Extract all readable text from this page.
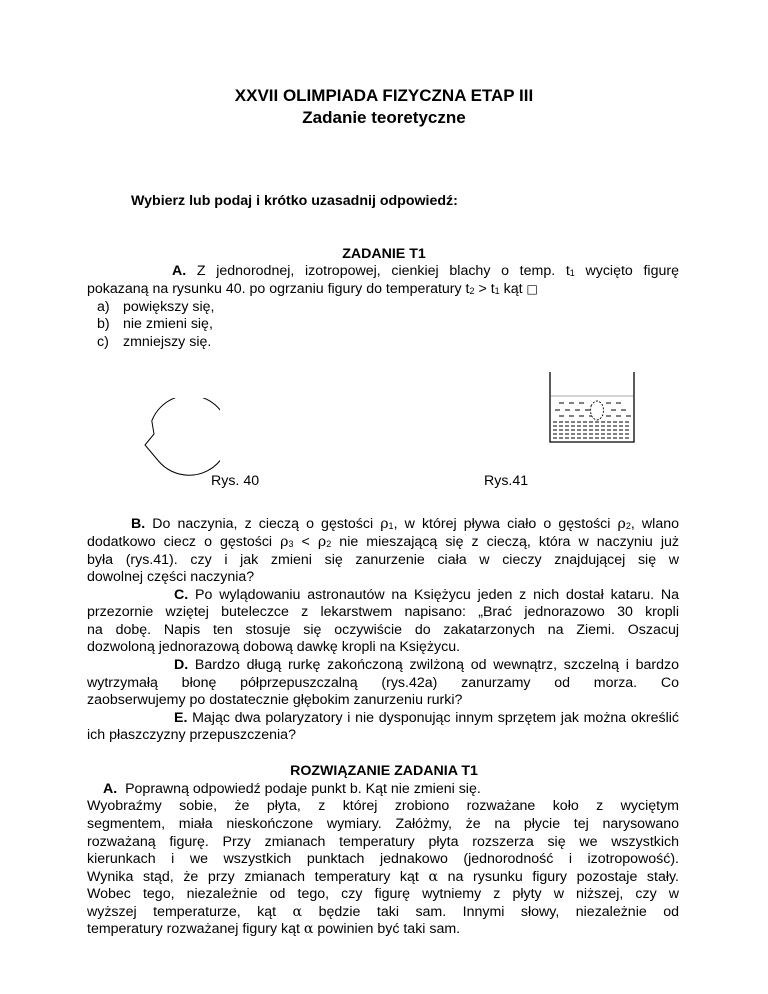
XXVII OLIMPIADA FIZYCZNA ETAP III
Zadanie teoretyczne
Wybierz lub podaj i krótko uzasadnij odpowiedź:
ZADANIE T1
A. Z jednorodnej, izotropowej, cienkiej blachy o temp. $t_1$ wycięto figurę
pokazaną na rysunku 40. po ogrzaniu figury do temperatury $t_2 > t_1$ kąt □
a) powiększy się,
b) nie zmieni się,
c) zmniejszy się.
Rys. 40	Rys.41
B. Do naczynia, z cieczą o gęstości $\rho_1$, w której pływa ciało o gęstości $\rho_2$, wlano
dodatkowo ciecz o gęstości $\rho_3 < \rho_2$ nie mieszającą się z cieczą, która w naczyniu już
była (rys.41). czy i jak zmieni się zanurzenie ciała w cieczy znajdującej się w
dowolnej części naczynia?
C. Po wylądowaniu astronautów na Księżycu jeden z nich dostał kataru. Na
przezornie wziętej buteleczce z lekarstwem napisano: „Brać jednorazowo 30 kropli
na dobę. Napis ten stosuje się oczywiście do zakatarzonych na Ziemi. Oszacuj
dozwoloną jednorazową dobową dawkę kropli na Księżycu.
D. Bardzo długą rurkę zakończoną zwilżoną od wewnątrz, szczelną i bardzo
wytrzymałą błonę półprzepuszczalną (rys.42a) zanurzamy od morza. Co
zaobserwujemy po dostatecznie głębokim zanurzeniu rurki?
E. Mając dwa polaryzatory i nie dysponując innym sprzętem jak można określić
ich płaszczyzny przepuszczenia?
ROZWIĄZANIE ZADANIA T1
A. Poprawną odpowiedź podaje punkt b. Kąt nie zmieni się.
Wyobraźmy sobie, że płyta, z której zrobiono rozważane koło z wyciętym
segmentem, miała nieskończone wymiary. Załóżmy, że na płycie tej narysowano
rozważaną figurę. Przy zmianach temperatury płyta rozszerza się we wszystkich
kierunkach i we wszystkich punktach jednakowo (jednorodność i izotropowość).
Wynika stąd, że przy zmianach temperatury kąt α na rysunku figury pozostaje stały.
Wobec tego, niezależnie od tego, czy figurę wytniemy z płyty w niższej, czy w
wyższej temperaturze, kąt α będzie taki sam. Innymi słowy, niezależnie od
temperatury rozważanej figury kąt α powinien być taki sam.
